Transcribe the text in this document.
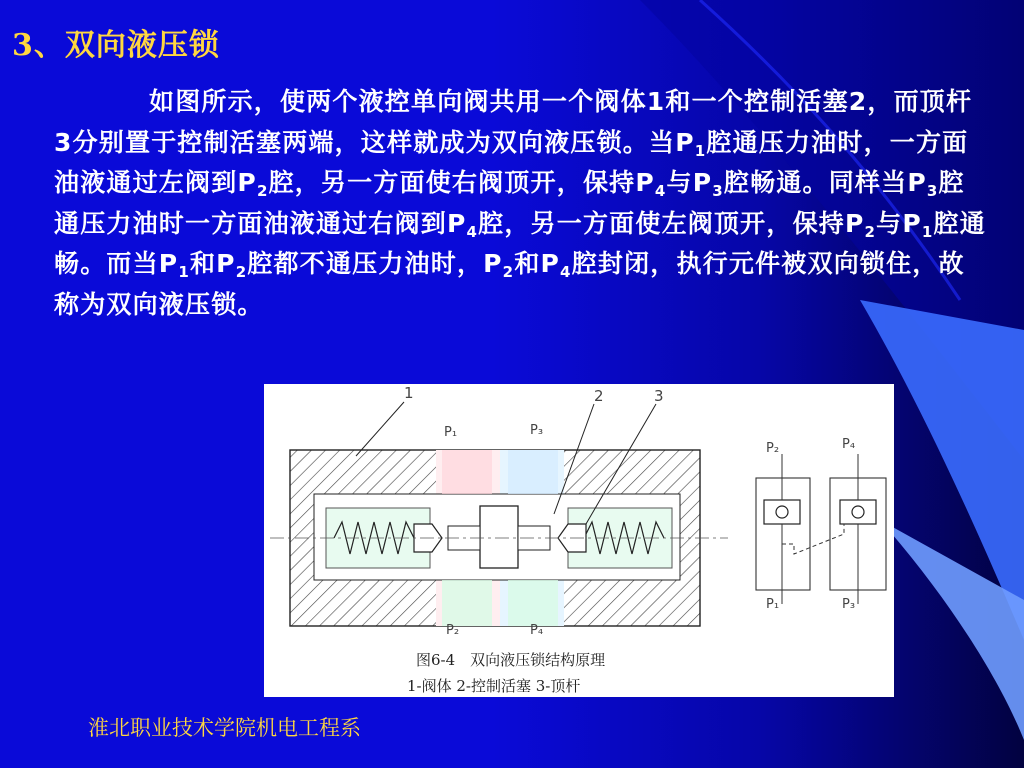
3、双向液压锁
如图所示，使两个液控单向阀共用一个阀体1和一个控制活塞2，而顶杆3分别置于控制活塞两端，这样就成为双向液压锁。当$P_1$腔通压力油时，一方面油液通过左阀到$P_2$腔，另一方面使右阀顶开，保持$P_4$与$P_3$腔畅通。同样当$P_3$腔通压力油时一方面油液通过右阀到$P_4$腔，另一方面使左阀顶开，保持$P_2$与$P_1$腔通畅。而当$P_1$和$P_2$腔都不通压力油时，$P_2$和$P_4$腔封闭，执行元件被双向锁住，故称为双向液压锁。
1	2	3
P₁	P₃
P₂	P₄
P₂	P₄
P₁	P₃
图6-4　双向液压锁结构原理
1-阀体 2-控制活塞 3-顶杆
淮北职业技术学院机电工程系
